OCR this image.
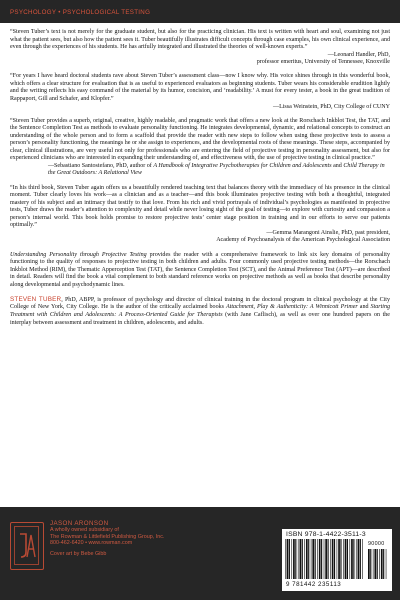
PSYCHOLOGY • PSYCHOLOGICAL TESTING

“Steven Tuber’s text is not merely for the graduate student, but also for the practicing clinician. His text is written with heart and soul, examining not just what the patient sees, but also how the patient sees it. Tuber beautifully illustrates difficult concepts through case examples, his own clinical experience, and even through the experiences of his students. He has artfully integrated and illustrated the theories of well-known experts.”
—Leonard Handler, PhD,
professor emeritus, University of Tennessee, Knoxville

“For years I have heard doctoral students rave about Steven Tuber’s assessment class—now I know why. His voice shines through in this wonderful book, which offers a clear structure for evaluation that is as useful to experienced evaluators as beginning students. Tuber wears his considerable erudition lightly and the writing reflects his easy command of the material by its humor, concision, and ‘readability.’ A must for every tester, a book in the great tradition of Rappaport, Gill and Schafer, and Klopfer.”
—Lissa Weinstein, PhD, City College of CUNY

“Steven Tuber provides a superb, original, creative, highly readable, and pragmatic work that offers a new look at the Rorschach Inkblot Test, the TAT, and the Sentence Completion Test as methods to evaluate personality functioning. He integrates developmental, dynamic, and relational concepts to construct an understanding of the whole person and to form a scaffold that provide the reader with new steps to follow when using these projective tests to assess a person’s personality functioning, the meanings he or she assign to experiences, and the developmental roots of these meanings. These steps, accompanied by clear, clinical illustrations, are very useful not only for professionals who are entering the field of projective testing in personality assessment, but also for experienced clinicians who are interested in expanding their understanding of, and effectiveness with, the use of projective testing in clinical practice.”
—Sebastiano Santostefano, PhD, author of A Handbook of Integrative Psychotherapies for Children and Adolescents and Child Therapy in the Great Outdoors: A Relational View

“In his third book, Steven Tuber again offers us a beautifully rendered teaching text that balances theory with the immediacy of his presence in the clinical moment. Tuber clearly loves his work—as a clinician and as a teacher—and this book illuminates projective testing with both a thoughtful, integrated mastery of his subject and an intimacy that testify to that love. From his rich and vivid portrayals of individual’s psychologies as manifested in projective tests, Tuber draws the reader’s attention to complexity and detail while never losing sight of the goal of testing—to explore with curiosity and compassion a person’s internal world. This book holds promise to restore projective tests’ center stage position in training and in our efforts to serve our patients optimally.”
—Gemma Marangoni Ainslie, PhD, past president,
Academy of Psychoanalysis of the American Psychological Association

Understanding Personality through Projective Testing provides the reader with a comprehensive framework to link six key domains of personality functioning to the quality of responses to projective testing in both children and adults. Four commonly used projective testing methods—the Rorschach Inkblot Method (RIM), the Thematic Apperception Test (TAT), the Sentence Completion Test (SCT), and the Animal Preference Test (APT)—are described in detail. Readers will find the book a vital complement to both standard reference works on projective methods as well as books that describe personality along developmental and psychodynamic lines.

STEVEN TUBER, PhD, ABPP, is professor of psychology and director of clinical training in the doctoral program in clinical psychology at the City College of New York, City College. He is the author of the critically acclaimed books Attachment, Play & Authenticity: A Winnicott Primer and Starting Treatment with Children and Adolescents: A Process-Oriented Guide for Therapists (with Jane Caflisch), as well as over one hundred papers on the interplay between assessment and treatment in children, adolescents, and adults.

JASON ARONSON
A wholly owned subsidiary of
The Rowman & Littlefield Publishing Group, Inc.
800-462-6420 • www.rowman.com
Cover art by Bebe Gibb
ISBN 978-1-4422-3511-3
90000
9 781442 235113
